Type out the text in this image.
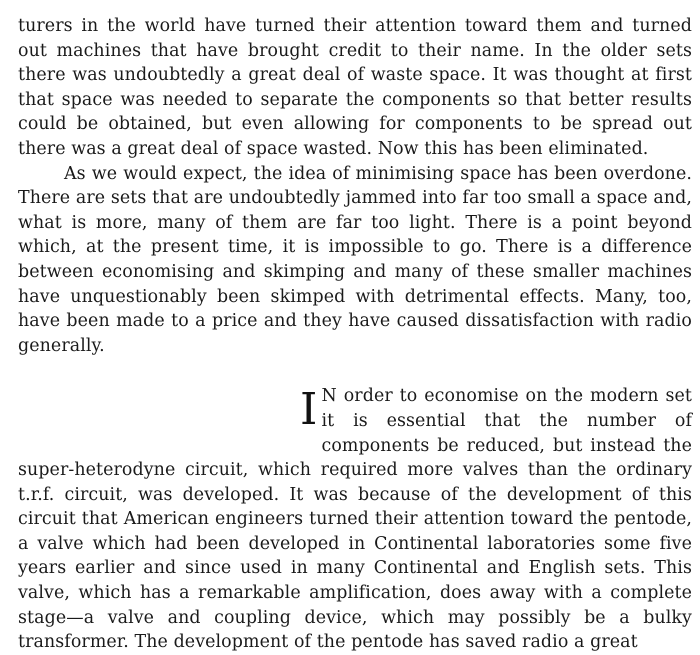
turers in the world have turned their attention toward them and turned out machines that have brought credit to their name. In the older sets there was undoubtedly a great deal of waste space. It was thought at first that space was needed to separate the components so that better results could be obtained, but even allowing for components to be spread out there was a great deal of space wasted. Now this has been eliminated.

As we would expect, the idea of minimising space has been overdone. There are sets that are undoubtedly jammed into far too small a space and, what is more, many of them are far too light. There is a point beyond which, at the present time, it is impossible to go. There is a difference between economising and skimping and many of these smaller machines have unquestionably been skimped with detrimental effects. Many, too, have been made to a price and they have caused dissatisfaction with radio generally.

I N order to economise on the modern set it is essential that the number of components be reduced, but instead the super-heterodyne circuit, which required more valves than the ordinary t.r.f. circuit, was developed. It was because of the development of this circuit that American engineers turned their attention toward the pentode, a valve which had been developed in Continental laboratories some five years earlier and since used in many Continental and English sets. This valve, which has a remarkable amplification, does away with a complete stage—a valve and coupling device, which may possibly be a bulky transformer. The development of the pentode has saved radio a great
